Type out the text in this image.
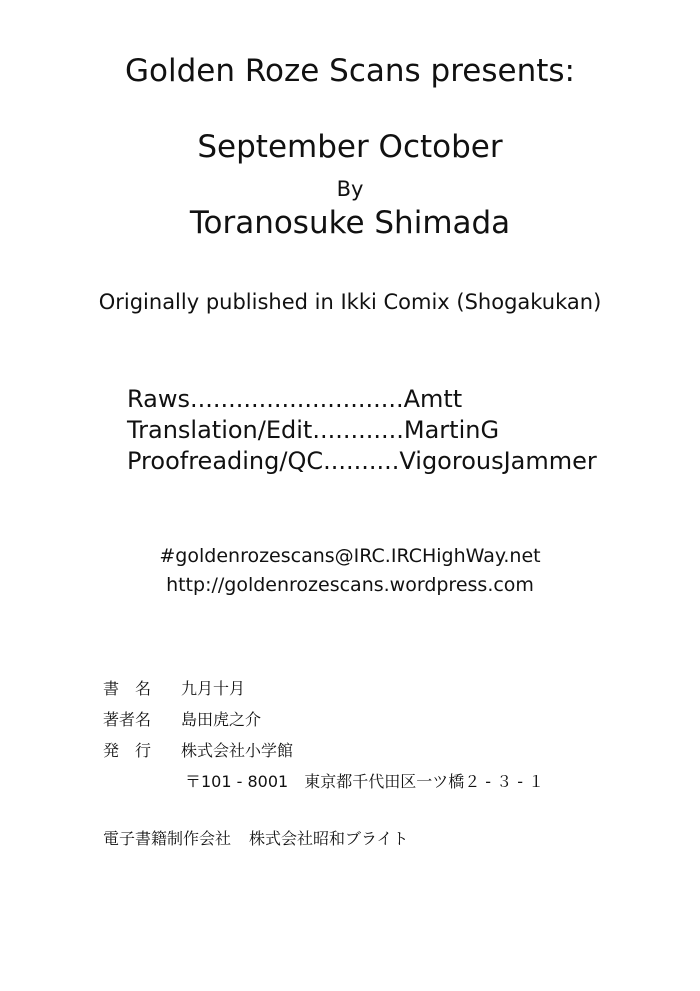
Golden Roze Scans presents:
September October
By
Toranosuke Shimada
Originally published in Ikki Comix (Shogakukan)
Raws............................Amtt
Translation/Edit............MartinG
Proofreading/QC..........VigorousJammer
#goldenrozescans@IRC.IRCHighWay.net
http://goldenrozescans.wordpress.com
書　名 九月十月
著者名 島田虎之介
発　行 株式会社小学館
〒101 - 8001　東京都千代田区一ツ橋２ - ３ - １
電子書籍制作会社 株式会社昭和ブライト
